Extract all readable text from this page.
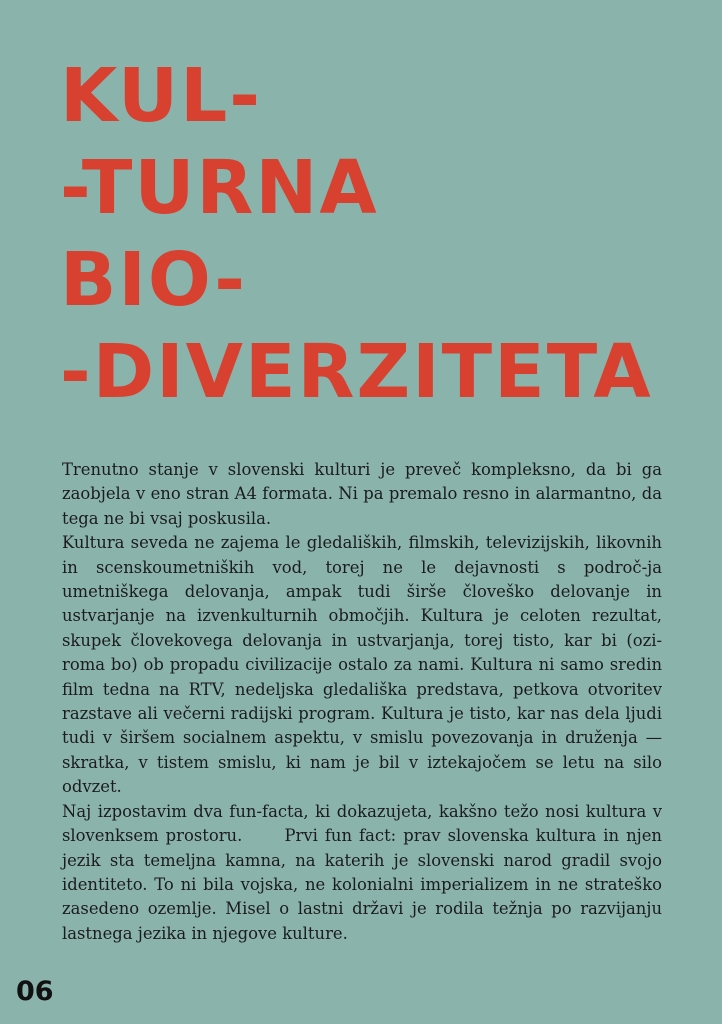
KUL-
-TURNA
BIO-
-DIVERZITETA

Trenutno stanje v slovenski kulturi je preveč kompleksno, da bi ga zaobjela v eno stran A4 formata. Ni pa premalo resno in alarmantno, da tega ne bi vsaj poskusila.

Kultura seveda ne zajema le gledaliških, filmskih, televizijskih, likovnih in scenskoumetniških vod, torej ne le dejavnosti s področ-ja umetniškega delovanja, ampak tudi širše človeško delovanje in ustvarjanje na izvenkulturnih območjih. Kultura je celoten rezultat, skupek človekovega delovanja in ustvarjanja, torej tisto, kar bi (ozi-roma bo) ob propadu civilizacije ostalo za nami. Kultura ni samo sredin film tedna na RTV, nedeljska gledališka predstava, petkova otvoritev razstave ali večerni radijski program. Kultura je tisto, kar nas dela ljudi tudi v širšem socialnem aspektu, v smislu povezovanja in druženja — skratka, v tistem smislu, ki nam je bil v iztekajočem se letu na silo odvzet.

Naj izpostavim dva fun-facta, ki dokazujeta, kakšno težo nosi kultura v slovenksem prostoru.      Prvi fun fact: prav slovenska kultura in njen jezik sta temeljna kamna, na katerih je slovenski narod gradil svojo identiteto. To ni bila vojska, ne kolonialni imperializem in ne strateško zasedeno ozemlje. Misel o lastni državi je rodila težnja po razvijanju lastnega jezika in njegove kulture.

06
